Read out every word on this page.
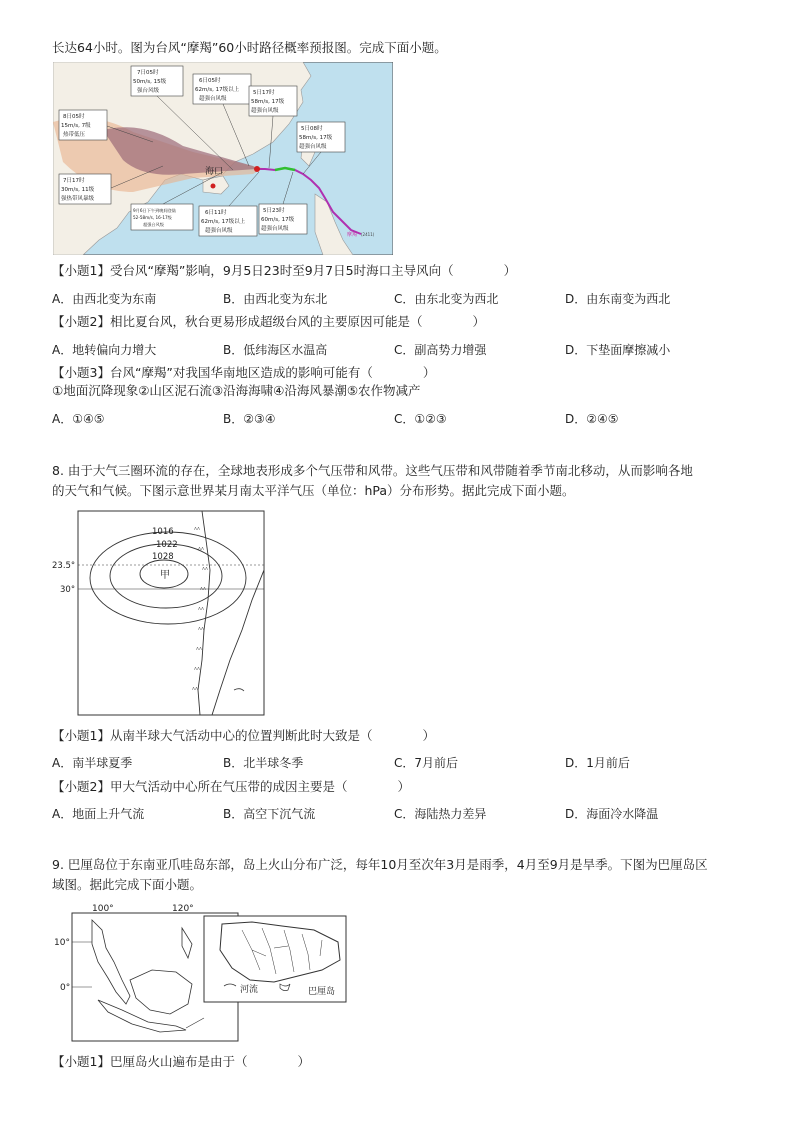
长达64小时。图为台风“摩羯”60小时路径概率预报图。完成下面小题。
海口
摩羯 (2411)
7日05时
50m/s, 15级
强台风级
6日05时
62m/s, 17级以上
超强台风级
5日17时
58m/s, 17级
超强台风级
5日08时
58m/s, 17级
超强台风级
8日05时
15m/s, 7级
热带低压
7日17时
30m/s, 11级
强热带风暴级
9月6日下午到晚间登陆
52-58m/s, 16-17级
超强台风级
6日11时
62m/s, 17级以上
超强台风级
5日23时
60m/s, 17级
超强台风级
【小题1】受台风“摩羯”影响，9月5日23时至9月7日5时海口主导风向（　　　　）
A．由西北变为东南	B．由西北变为东北	C．由东北变为西北	D．由东南变为西北
【小题2】相比夏台风，秋台更易形成超级台风的主要原因可能是（　　　　）
A．地转偏向力增大	B．低纬海区水温高	C．副高势力增强	D．下垫面摩擦减小
【小题3】台风“摩羯”对我国华南地区造成的影响可能有（　　　　）
①地面沉降现象②山区泥石流③沿海海啸④沿海风暴潮⑤农作物减产
A．①④⑤	B．②③④	C．①②③	D．②④⑤
8. 由于大气三圈环流的存在，全球地表形成多个气压带和风带。这些气压带和风带随着季节南北移动，从而影响各地
的天气和气候。下图示意世界某月南太平洋气压（单位：hPa）分布形势。据此完成下面小题。
ʌʌ
ʌʌ
ʌʌ
ʌʌ
ʌʌ
ʌʌ
ʌʌ
ʌʌ
ʌʌ
1016
1022
1028
甲
23.5°
30°
【小题1】从南半球大气活动中心的位置判断此时大致是（　　　　）
A．南半球夏季	B．北半球冬季	C．7月前后	D．1月前后
【小题2】甲大气活动中心所在气压带的成因主要是（　　　　）
A．地面上升气流	B．高空下沉气流	C．海陆热力差异	D．海面冷水降温
9. 巴厘岛位于东南亚爪哇岛东部，岛上火山分布广泛，每年10月至次年3月是雨季，4月至9月是旱季。下图为巴厘岛区
域图。据此完成下面小题。
100°	120°
10°
0°	河流	巴厘岛
【小题1】巴厘岛火山遍布是由于（　　　　）
